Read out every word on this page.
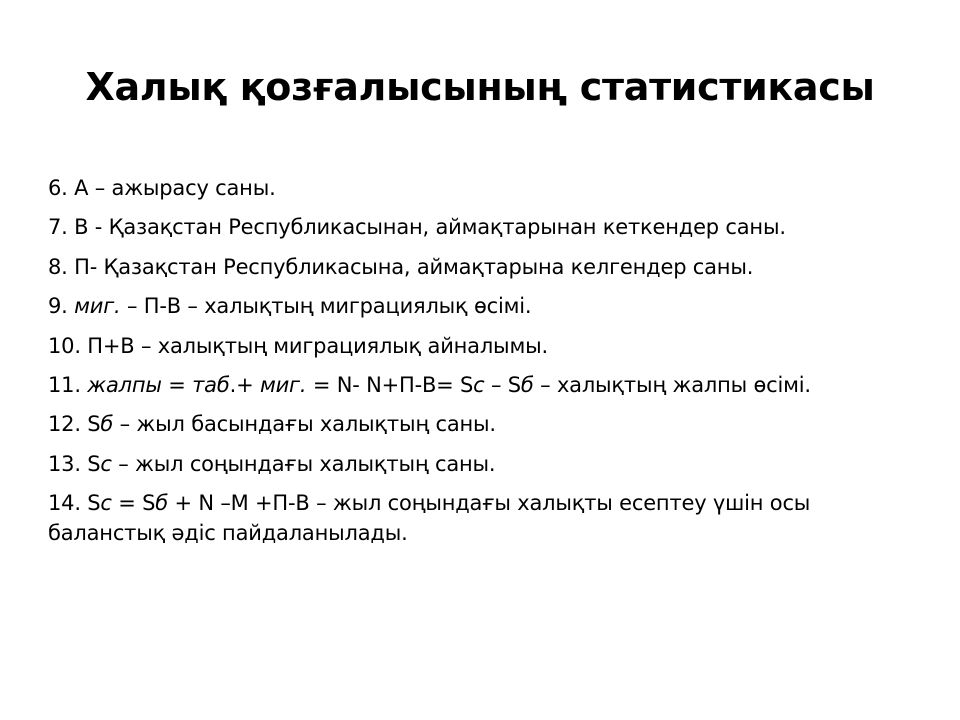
Халық қозғалысының статистикасы
6. А – ажырасу саны.
7. В - Қазақстан Республикасынан, аймақтарынан кеткендер саны.
8. П- Қазақстан Республикасына, аймақтарына келгендер саны.
9. миг. – П-В – халықтың миграциялық өсімі.
10. П+В – халықтың миграциялық айналымы.
11. жалпы = таб.+ миг. = N- N+П-В= Sс – Sб – халықтың жалпы өсімі.
12. Sб – жыл басындағы халықтың саны.
13. Sс – жыл соңындағы халықтың саны.
14. Sс = Sб + N –M +П-В – жыл соңындағы халықты есептеу үшін осы баланстық әдіс пайдаланылады.
